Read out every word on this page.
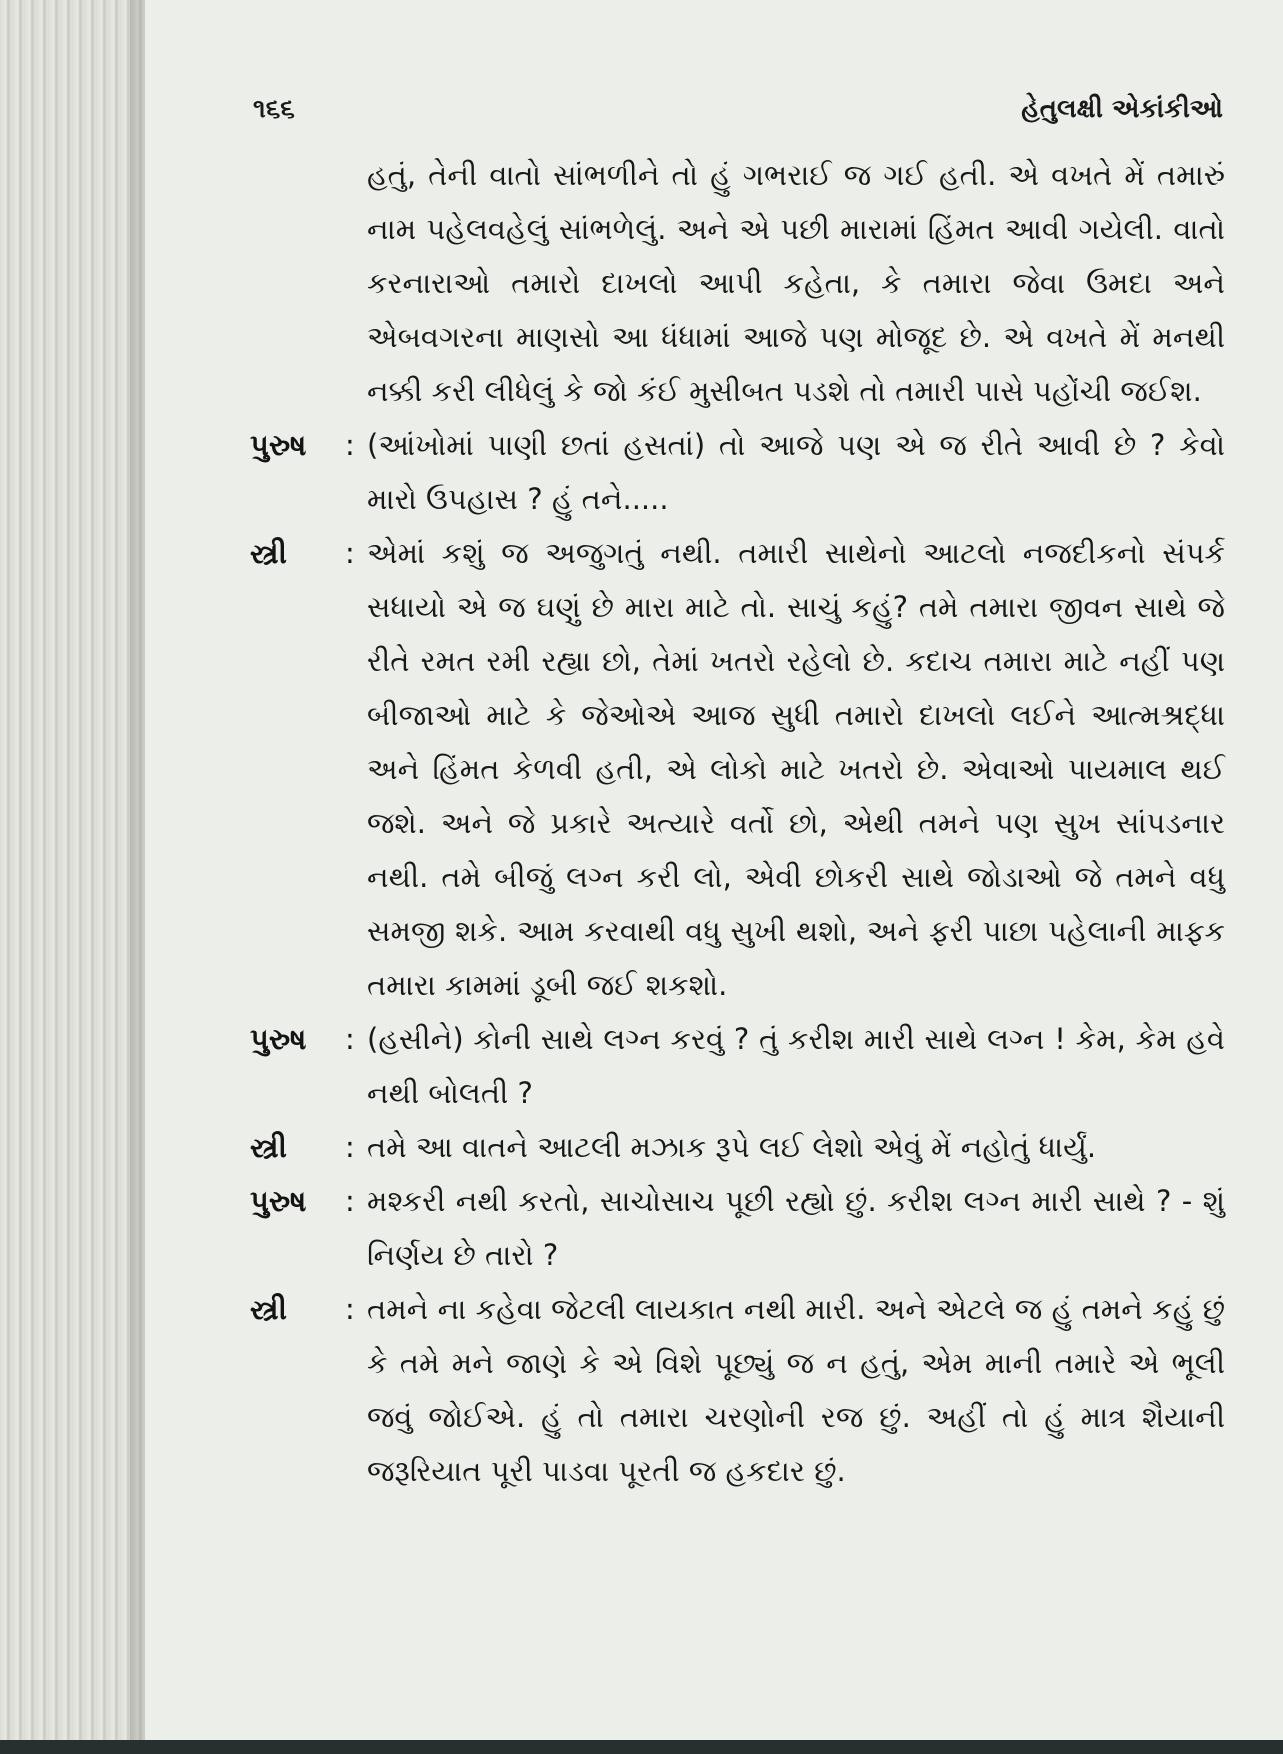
૧૬૬	હેતુલક્ષી એકાંકીઓ
હતું, તેની વાતો સાંભળીને તો હું ગભરાઈ જ ગઈ હતી. એ વખતે મેં તમારું નામ પહેલવહેલું સાંભળેલું. અને એ પછી મારામાં હિંમત આવી ગયેલી. વાતો કરનારાઓ તમારો દાખલો આપી કહેતા, કે તમારા જેવા ઉમદા અને એબવગરના માણસો આ ધંધામાં આજે પણ મોજૂદ છે. એ વખતે મેં મનથી નક્કી કરી લીધેલું કે જો કંઈ મુસીબત પડશે તો તમારી પાસે પહોંચી જઈશ.
પુરુષ	: (આંખોમાં પાણી છતાં હસતાં) તો આજે પણ એ જ રીતે આવી છે ? કેવો મારો ઉપહાસ ? હું તને.....
સ્ત્રી	: એમાં કશું જ અજુગતું નથી. તમારી સાથેનો આટલો નજદીકનો સંપર્ક સધાયો એ જ ઘણું છે મારા માટે તો. સાચું કહું? તમે તમારા જીવન સાથે જે રીતે રમત રમી રહ્યા છો, તેમાં ખતરો રહેલો છે. કદાચ તમારા માટે નહીં પણ બીજાઓ માટે કે જેઓએ આજ સુધી તમારો દાખલો લઈને આત્મશ્રદ્ધા અને હિંમત કેળવી હતી, એ લોકો માટે ખતરો છે. એવાઓ પાયમાલ થઈ જશે. અને જે પ્રકારે અત્યારે વર્તો છો, એથી તમને પણ સુખ સાંપડનાર નથી. તમે બીજું લગ્ન કરી લો, એવી છોકરી સાથે જોડાઓ જે તમને વધુ સમજી શકે. આમ કરવાથી વધુ સુખી થશો, અને ફરી પાછા પહેલાની માફક તમારા કામમાં ડૂબી જઈ શકશો.
પુરુષ	: (હસીને) કોની સાથે લગ્ન કરવું ? તું કરીશ મારી સાથે લગ્ન ! કેમ, કેમ હવે નથી બોલતી ?
સ્ત્રી	: તમે આ વાતને આટલી મઝાક રૂપે લઈ લેશો એવું મેં નહોતું ધાર્યું.
પુરુષ	: મશ્કરી નથી કરતો, સાચોસાચ પૂછી રહ્યો છું. કરીશ લગ્ન મારી સાથે ? - શું નિર્ણય છે તારો ?
સ્ત્રી	: તમને ના કહેવા જેટલી લાયકાત નથી મારી. અને એટલે જ હું તમને કહું છું કે તમે મને જાણે કે એ વિશે પૂછ્યું જ ન હતું, એમ માની તમારે એ ભૂલી જવું જોઈએ. હું તો તમારા ચરણોની રજ છું. અહીં તો હું માત્ર શૈયાની જરૂરિયાત પૂરી પાડવા પૂરતી જ હકદાર છું.
